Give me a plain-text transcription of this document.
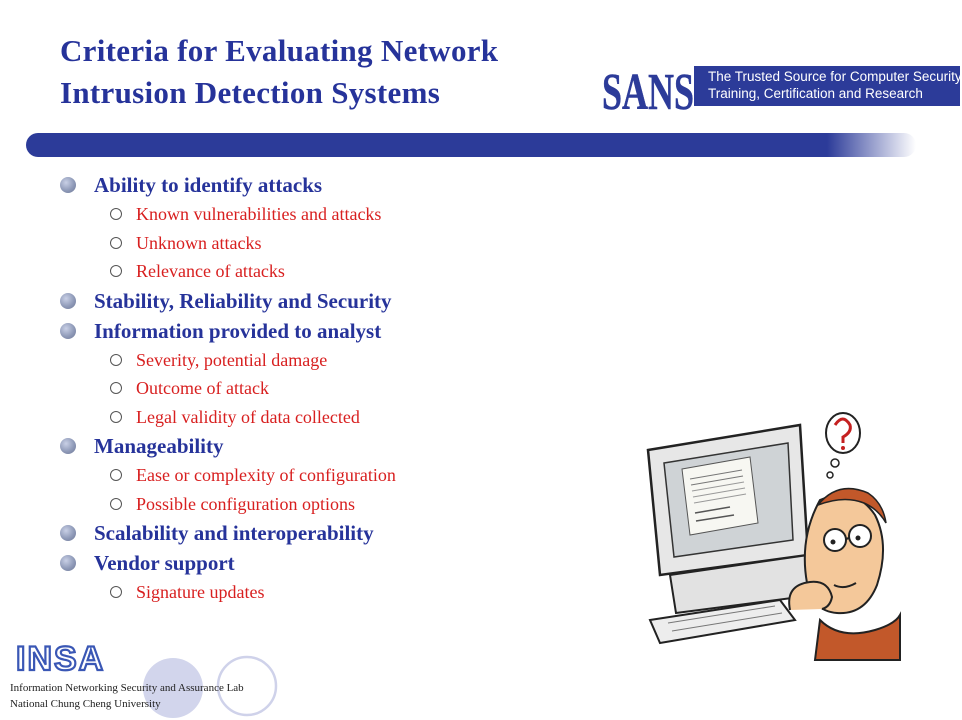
Criteria for Evaluating Network
Intrusion Detection Systems	SANS The Trusted Source for Computer Security
Training, Certification and Research
Ability to identify attacks
Known vulnerabilities and attacks
Unknown attacks
Relevance of attacks
Stability, Reliability and Security
Information provided to analyst
Severity, potential damage
Outcome of attack
Legal validity of data collected
Manageability
Ease or complexity of configuration
Possible configuration options
Scalability and interoperability
Vendor support
Signature updates
INSA
Information Networking Security and Assurance Lab
National Chung Cheng University
